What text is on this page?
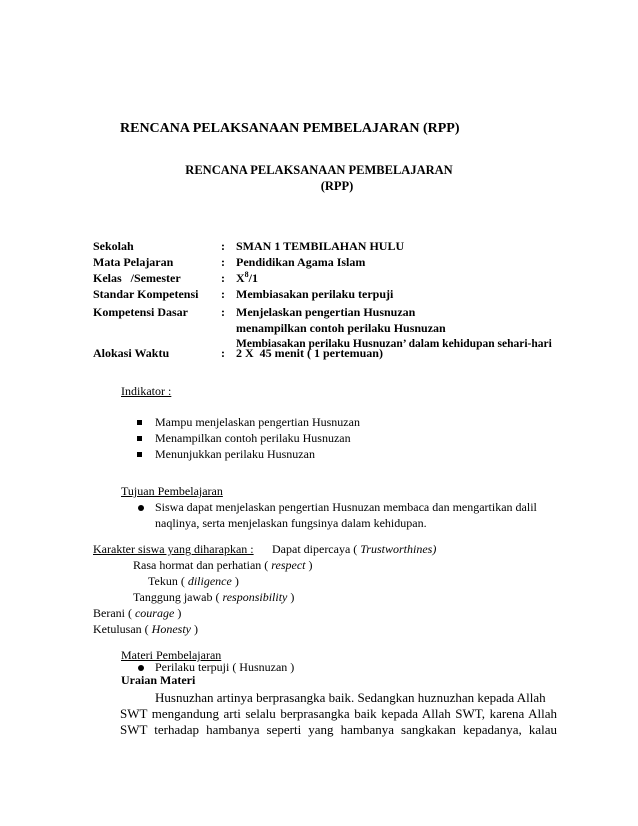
RENCANA PELAKSANAAN PEMBELAJARAN (RPP)
RENCANA PELAKSANAAN PEMBELAJARAN
(RPP)
Sekolah	: SMAN 1 TEMBILAHAN HULU
Mata Pelajaran	: Pendidikan Agama Islam
Kelas   /Semester	: $X^8/1$
Standar Kompetensi : Membiasakan perilaku terpuji
Kompetensi Dasar	: Menjelaskan pengertian Husnuzan
menampilkan contoh perilaku Husnuzan
Membiasakan perilaku Husnuzan’ dalam kehidupan sehari-hari
Alokasi Waktu	: 2 X  45 menit ( 1 pertemuan)
Indikator :
Mampu menjelaskan pengertian Husnuzan
Menampilkan contoh perilaku Husnuzan
Menunjukkan perilaku Husnuzan
Tujuan Pembelajaran
Siswa dapat menjelaskan pengertian Husnuzan membaca dan mengartikan dalil
naqlinya, serta menjelaskan fungsinya dalam kehidupan.
Karakter siswa yang diharapkan : Dapat dipercaya ( Trustworthines)
Rasa hormat dan perhatian ( respect )
Tekun ( diligence )
Tanggung jawab ( responsibility )
Berani ( courage )
Ketulusan ( Honesty )
Materi Pembelajaran
Perilaku terpuji ( Husnuzan )
Uraian Materi
Husnuzhan artinya berprasangka baik. Sedangkan huznuzhan kepada Allah
SWT mengandung arti selalu berprasangka baik kepada Allah SWT, karena Allah
SWT terhadap hambanya seperti yang hambanya sangkakan kepadanya, kalau
